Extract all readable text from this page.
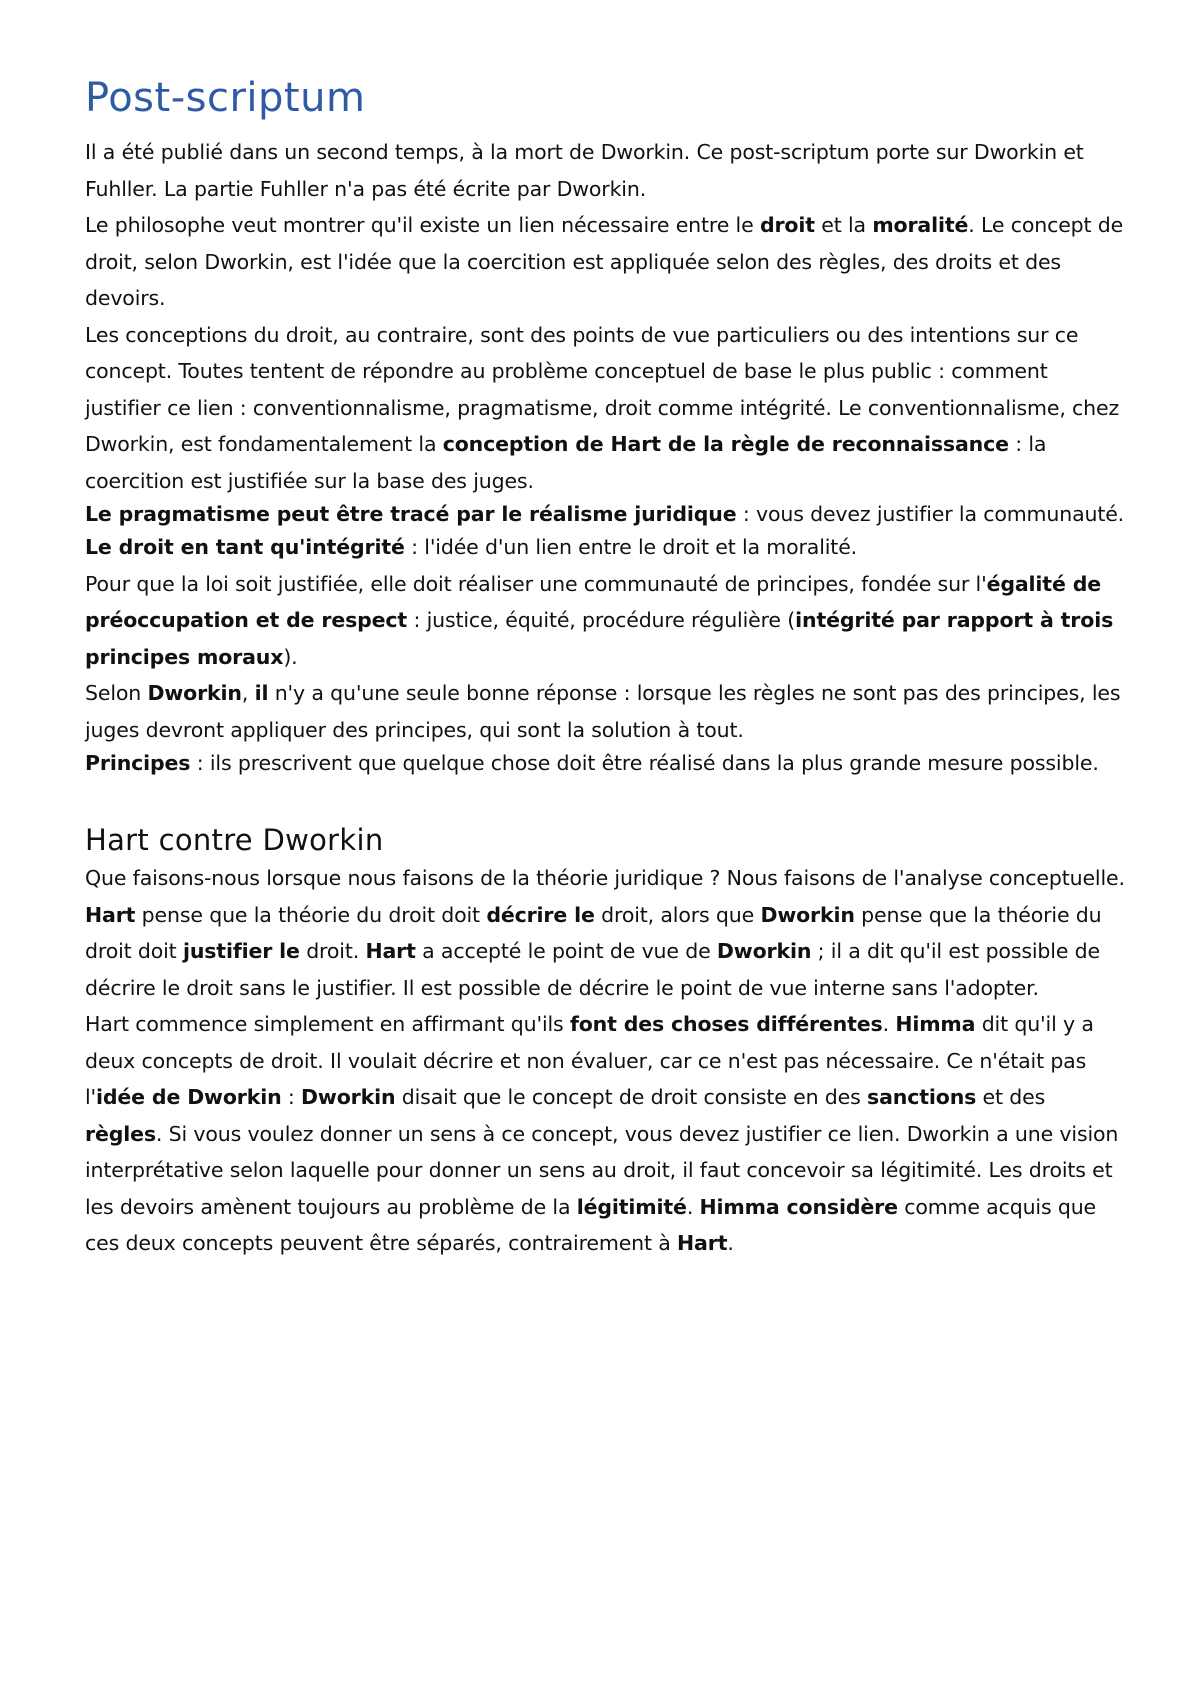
Post-scriptum
Il a été publié dans un second temps, à la mort de Dworkin. Ce post-scriptum porte sur Dworkin et Fuhller. La partie Fuhller n'a pas été écrite par Dworkin.
Le philosophe veut montrer qu'il existe un lien nécessaire entre le droit et la moralité. Le concept de droit, selon Dworkin, est l'idée que la coercition est appliquée selon des règles, des droits et des devoirs.
Les conceptions du droit, au contraire, sont des points de vue particuliers ou des intentions sur ce concept. Toutes tentent de répondre au problème conceptuel de base le plus public : comment justifier ce lien : conventionnalisme, pragmatisme, droit comme intégrité. Le conventionnalisme, chez Dworkin, est fondamentalement la conception de Hart de la règle de reconnaissance : la coercition est justifiée sur la base des juges.
Le pragmatisme peut être tracé par le réalisme juridique : vous devez justifier la communauté.
Le droit en tant qu'intégrité : l'idée d'un lien entre le droit et la moralité.
Pour que la loi soit justifiée, elle doit réaliser une communauté de principes, fondée sur l'égalité de préoccupation et de respect : justice, équité, procédure régulière (intégrité par rapport à trois principes moraux).
Selon Dworkin, il n'y a qu'une seule bonne réponse : lorsque les règles ne sont pas des principes, les juges devront appliquer des principes, qui sont la solution à tout.
Principes : ils prescrivent que quelque chose doit être réalisé dans la plus grande mesure possible.
Hart contre Dworkin
Que faisons-nous lorsque nous faisons de la théorie juridique ? Nous faisons de l'analyse conceptuelle.
Hart pense que la théorie du droit doit décrire le droit, alors que Dworkin pense que la théorie du droit doit justifier le droit. Hart a accepté le point de vue de Dworkin ; il a dit qu'il est possible de décrire le droit sans le justifier. Il est possible de décrire le point de vue interne sans l'adopter.
Hart commence simplement en affirmant qu'ils font des choses différentes. Himma dit qu'il y a deux concepts de droit. Il voulait décrire et non évaluer, car ce n'est pas nécessaire. Ce n'était pas l'idée de Dworkin : Dworkin disait que le concept de droit consiste en des sanctions et des règles. Si vous voulez donner un sens à ce concept, vous devez justifier ce lien. Dworkin a une vision interprétative selon laquelle pour donner un sens au droit, il faut concevoir sa légitimité. Les droits et les devoirs amènent toujours au problème de la légitimité. Himma considère comme acquis que ces deux concepts peuvent être séparés, contrairement à Hart.
